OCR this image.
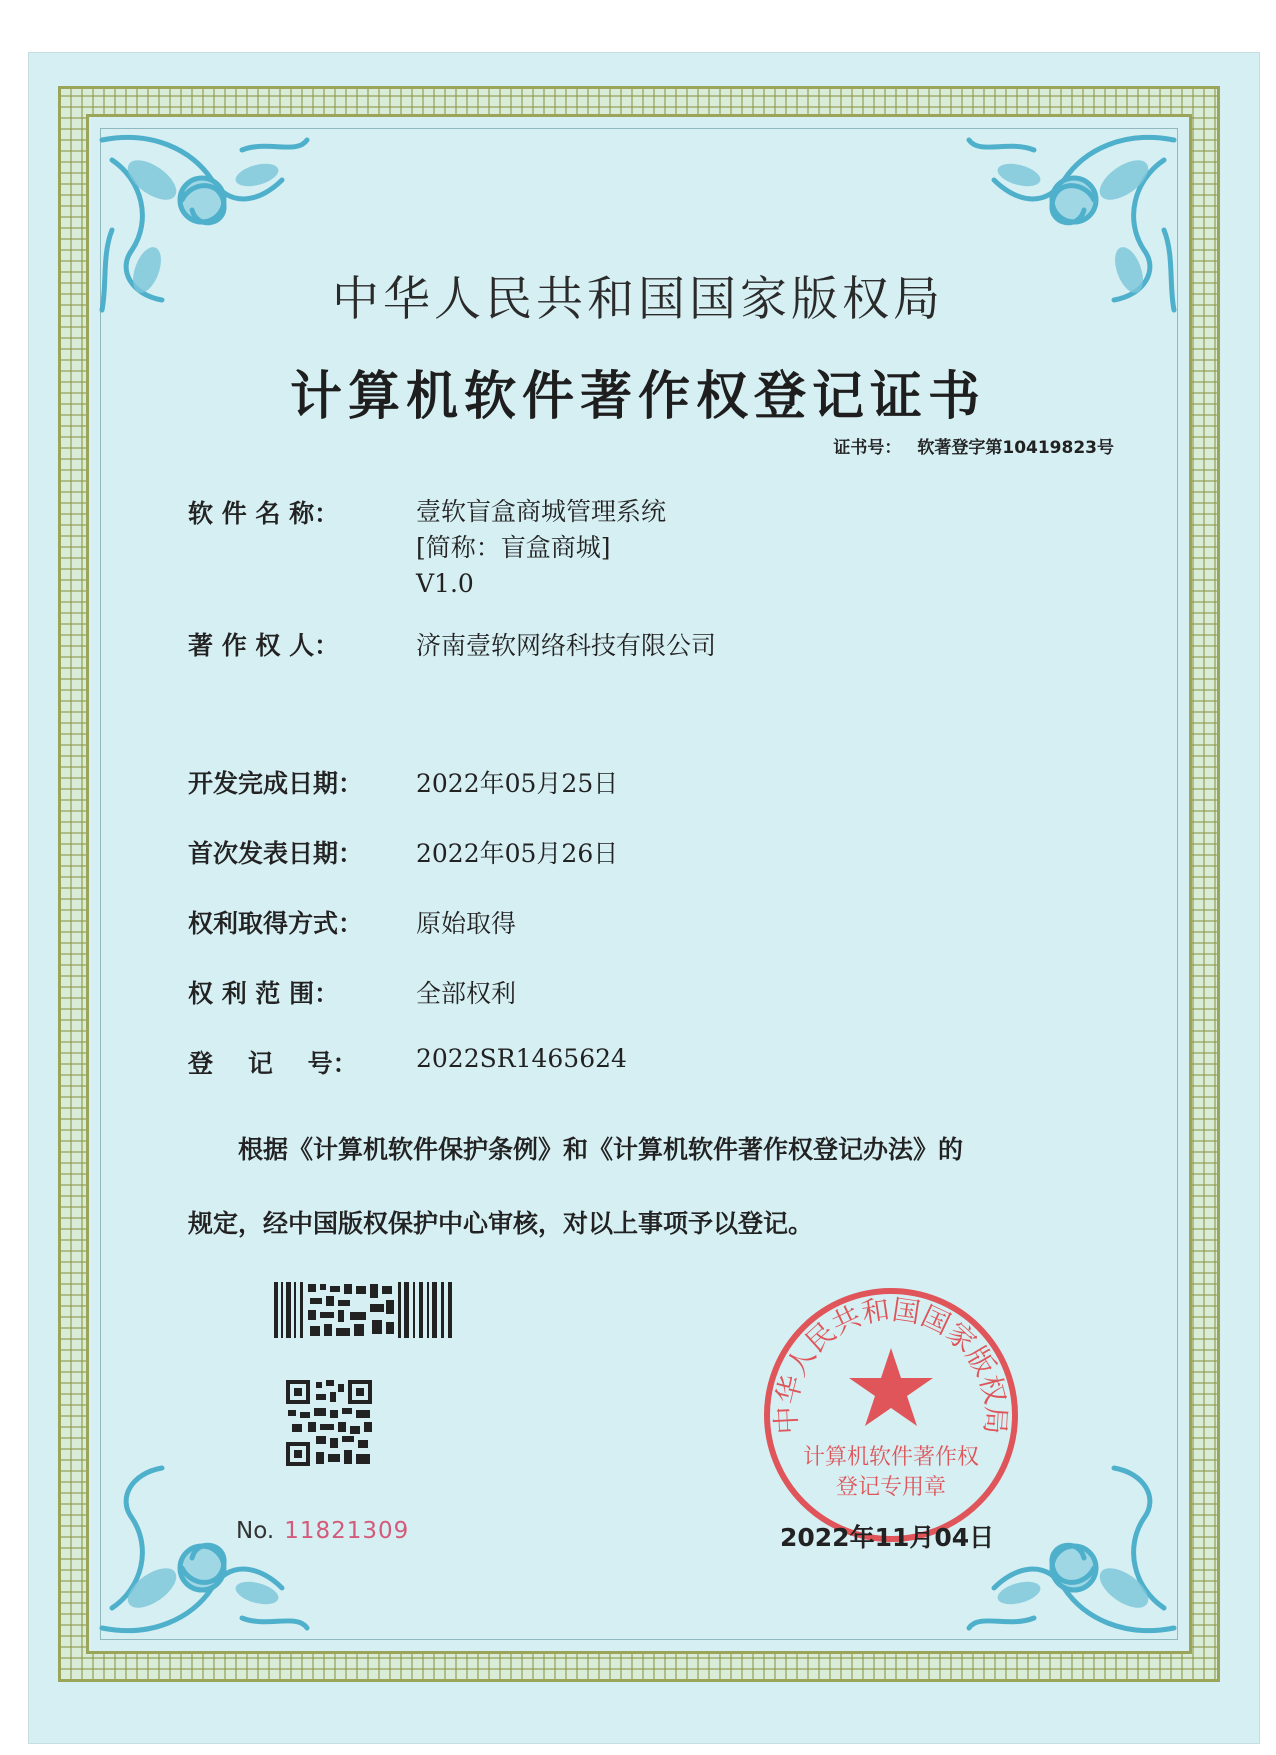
中华人民共和国国家版权局
计算机软件著作权登记证书
证书号： 软著登字第10419823号
软 件 名 称：	壹软盲盒商城管理系统
[简称：盲盒商城]
V1.0
著 作 权 人：	济南壹软网络科技有限公司
开发完成日期： 2022年05月25日
首次发表日期： 2022年05月26日
权利取得方式： 原始取得
权 利 范 围：	全部权利
登    记    号： 2022SR1465624
根据《计算机软件保护条例》和《计算机软件著作权登记办法》的
规定，经中国版权保护中心审核，对以上事项予以登记。
No. 11821309
中华人民共和国国家版权局
计算机软件著作权
登记专用章
2022年11月04日
